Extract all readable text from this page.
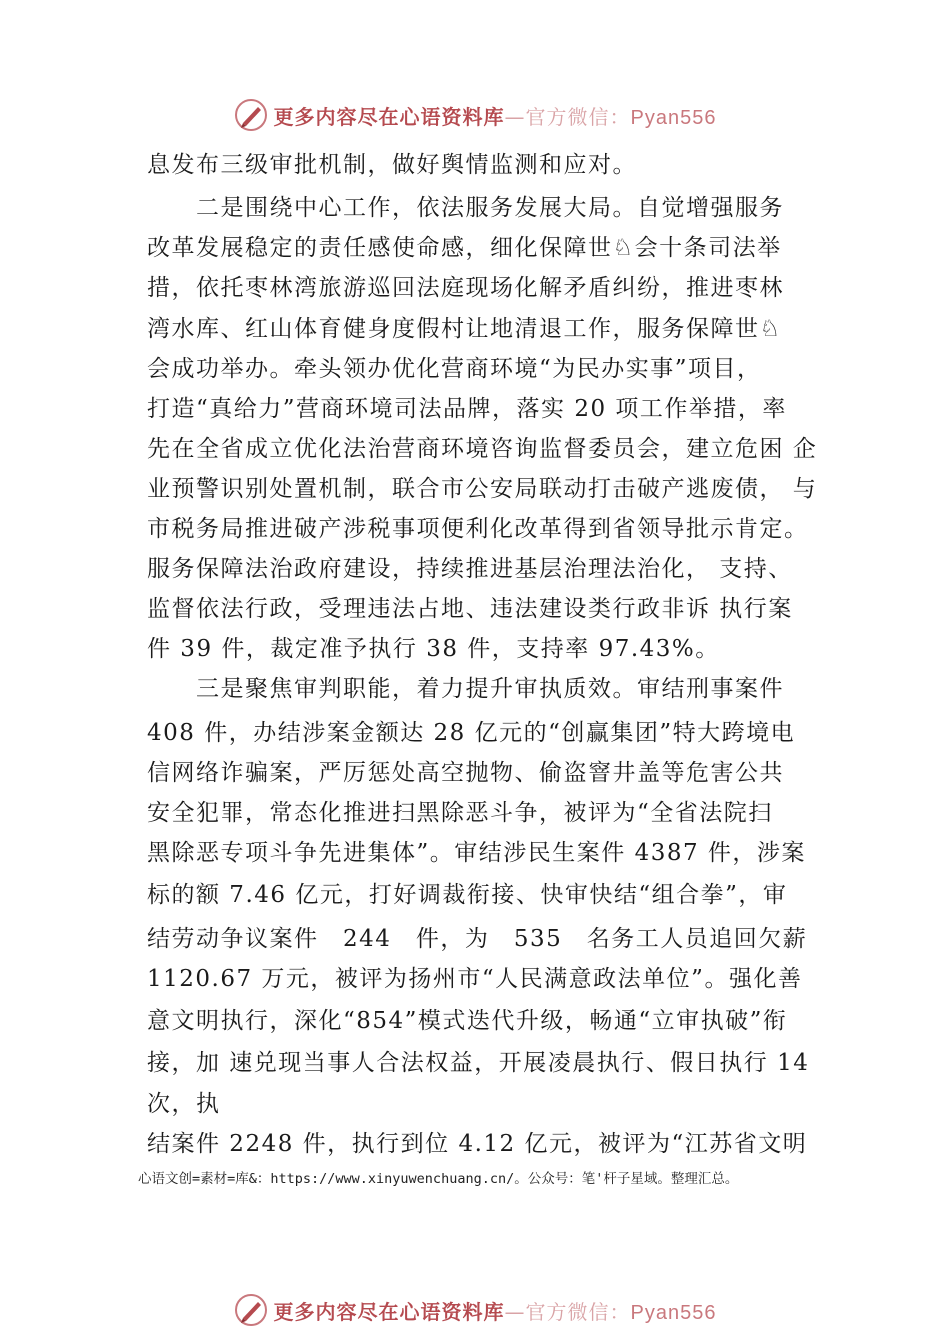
更多内容尽在心语资料库—官方微信：Pyan556
息发布三级审批机制，做好舆情监测和应对。
　　二是围绕中心工作，依法服务发展大局。自觉增强服务
改革发展稳定的责任感使命感，细化保障世♘会十条司法举
措，依托枣林湾旅游巡回法庭现场化解矛盾纠纷，推进枣林
湾水库、红山体育健身度假村让地清退工作，服务保障世♘
会成功举办。牵头领办优化营商环境“为民办实事”项目，
打造“真给力”营商环境司法品牌，落实 20 项工作举措，率
先在全省成立优化法治营商环境咨询监督委员会，建立危困 企
业预警识别处置机制，联合市公安局联动打击破产逃废债， 与
市税务局推进破产涉税事项便利化改革得到省领导批示肯定。
服务保障法治政府建设，持续推进基层治理法治化， 支持、
监督依法行政，受理违法占地、违法建设类行政非诉 执行案
件 39 件，裁定准予执行 38 件，支持率 97.43%。
　　三是聚焦审判职能，着力提升审执质效。审结刑事案件
408 件，办结涉案金额达 28 亿元的“创赢集团”特大跨境电
信网络诈骗案，严厉惩处高空抛物、偷盗窨井盖等危害公共
安全犯罪，常态化推进扫黑除恶斗争，被评为“全省法院扫
黑除恶专项斗争先进集体”。审结涉民生案件 4387 件，涉案
标的额 7.46 亿元，打好调裁衔接、快审快结“组合拳”，审
结劳动争议案件　244　件，为　535　名务工人员追回欠薪
1120.67 万元，被评为扬州市“人民满意政法单位”。强化善
意文明执行，深化“854”模式迭代升级，畅通“立审执破”衔
接，加 速兑现当事人合法权益，开展凌晨执行、假日执行 14
次，执
结案件 2248 件，执行到位 4.12 亿元，被评为“江苏省文明
心语文创=素材=库&：https://www.xinyuwenchuang.cn/。公众号：笔'杆子星域。整理汇总。
更多内容尽在心语资料库—官方微信：Pyan556
